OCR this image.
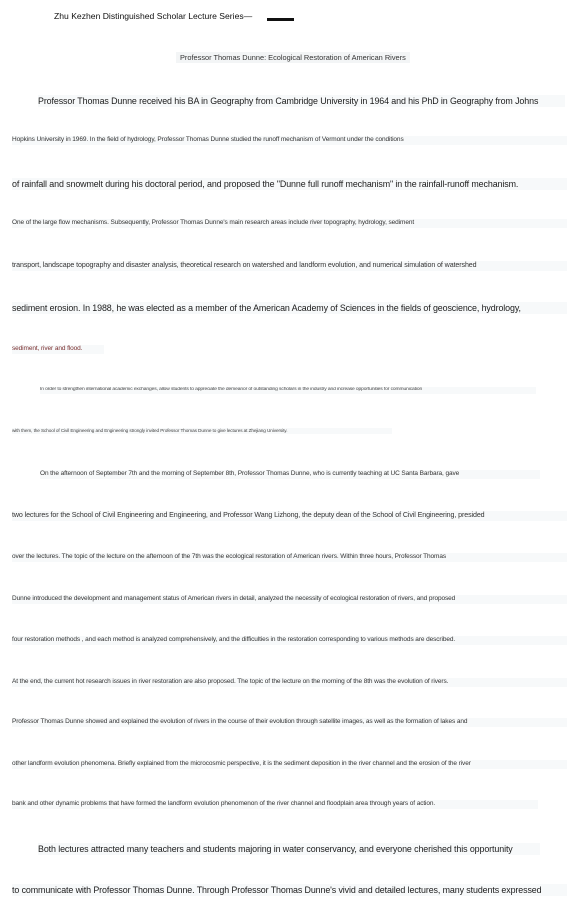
Zhu Kezhen Distinguished Scholar Lecture Series—
Professor Thomas Dunne: Ecological Restoration of American Rivers
Professor Thomas Dunne received his BA in Geography from Cambridge University in 1964 and his PhD in Geography from Johns
Hopkins University in 1969. In the field of hydrology, Professor Thomas Dunne studied the runoff mechanism of Vermont under the conditions
of rainfall and snowmelt during his doctoral period, and proposed the "Dunne full runoff mechanism" in the rainfall-runoff mechanism.
One of the large flow mechanisms. Subsequently, Professor Thomas Dunne's main research areas include river topography, hydrology, sediment
transport, landscape topography and disaster analysis, theoretical research on watershed and landform evolution, and numerical simulation of watershed
sediment erosion. In 1988, he was elected as a member of the American Academy of Sciences in the fields of geoscience, hydrology,
sediment, river and flood.
In order to strengthen international academic exchanges, allow students to appreciate the demeanor of outstanding scholars in the industry and increase opportunities for communication
with them, the School of Civil Engineering and Engineering strongly invited Professor Thomas Dunne to give lectures at Zhejiang University.
On the afternoon of September 7th and the morning of September 8th, Professor Thomas Dunne, who is currently teaching at UC Santa Barbara, gave
two lectures for the School of Civil Engineering and Engineering, and Professor Wang Lizhong, the deputy dean of the School of Civil Engineering, presided
over the lectures. The topic of the lecture on the afternoon of the 7th was the ecological restoration of American rivers. Within three hours, Professor Thomas
Dunne introduced the development and management status of American rivers in detail, analyzed the necessity of ecological restoration of rivers, and proposed
four restoration methods , and each method is analyzed comprehensively, and the difficulties in the restoration corresponding to various methods are described.
At the end, the current hot research issues in river restoration are also proposed. The topic of the lecture on the morning of the 8th was the evolution of rivers.
Professor Thomas Dunne showed and explained the evolution of rivers in the course of their evolution through satellite images, as well as the formation of lakes and
other landform evolution phenomena. Briefly explained from the microcosmic perspective, it is the sediment deposition in the river channel and the erosion of the river
bank and other dynamic problems that have formed the landform evolution phenomenon of the river channel and floodplain area through years of action.
Both lectures attracted many teachers and students majoring in water conservancy, and everyone cherished this opportunity
to communicate with Professor Thomas Dunne. Through Professor Thomas Dunne's vivid and detailed lectures, many students expressed
